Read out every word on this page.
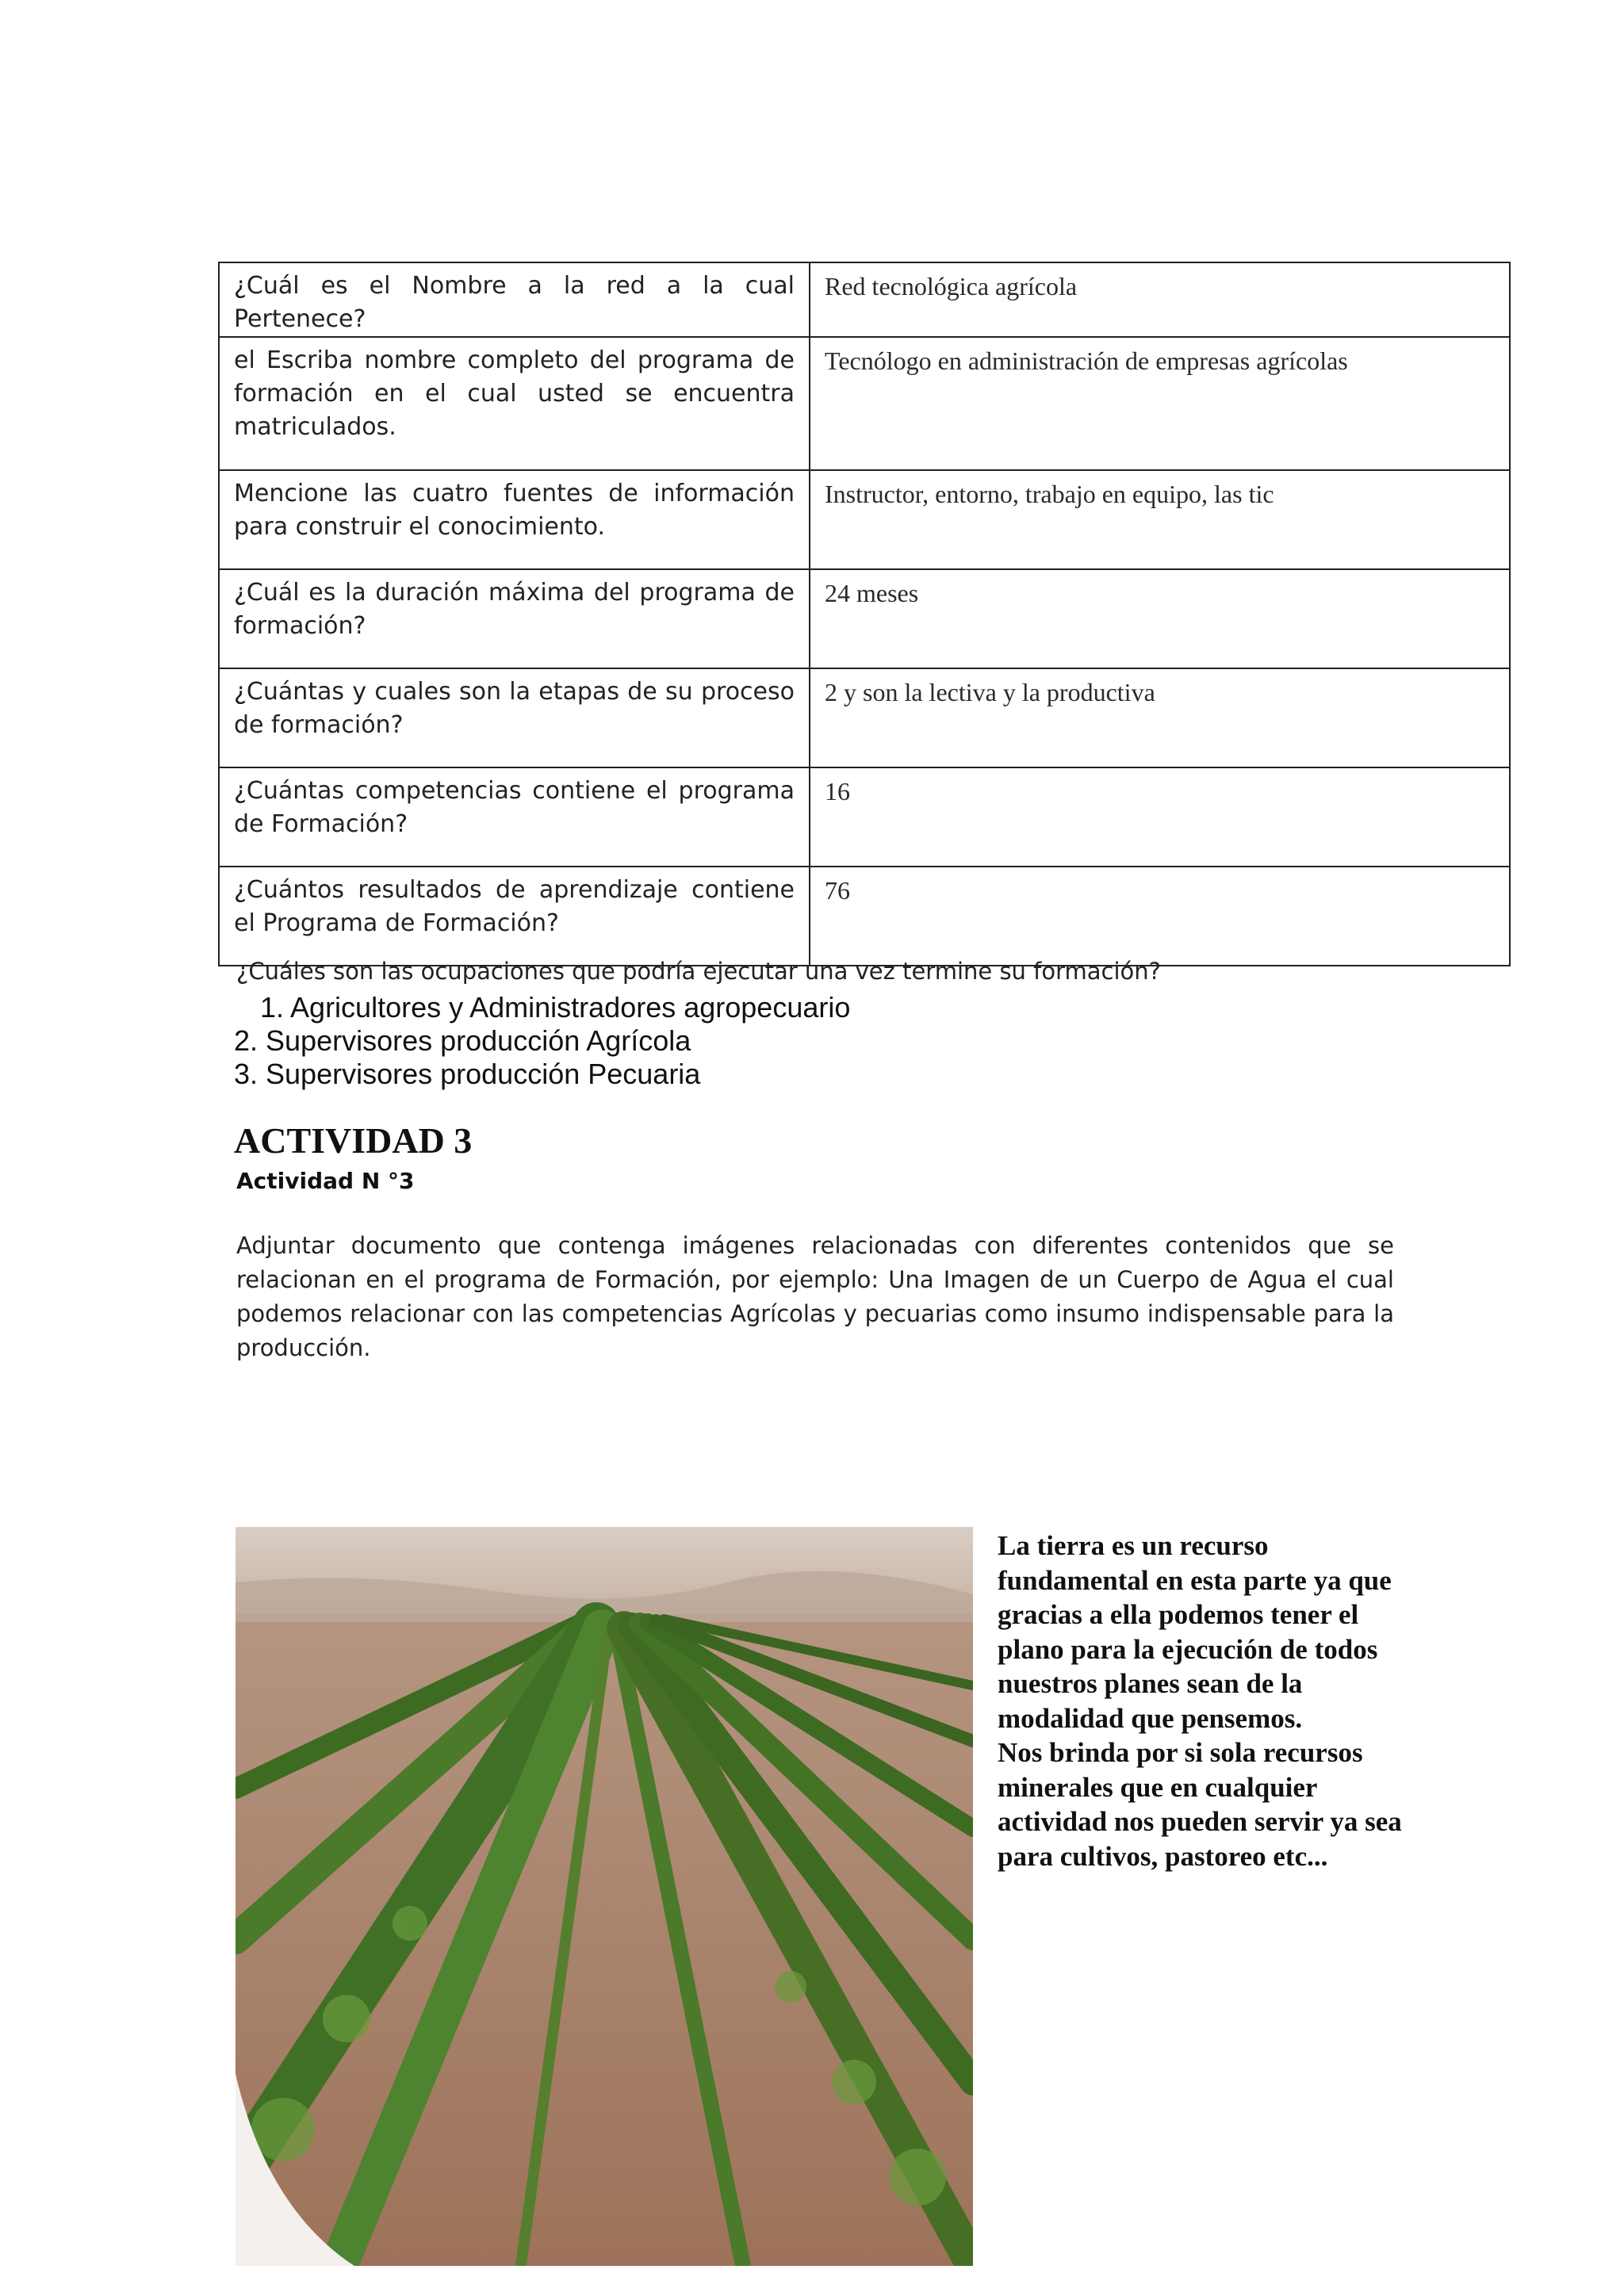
¿Cuál es el Nombre a la red a la cual Pertenece?	Red tecnológica agrícola
el Escriba nombre completo del programa de formación en el cual usted se encuentra matriculados.	Tecnólogo en administración de empresas agrícolas
Mencione las cuatro fuentes de información para construir el conocimiento.	Instructor, entorno, trabajo en equipo, las tic
¿Cuál es la duración máxima del programa de formación?	24 meses
¿Cuántas y cuales son la etapas de su proceso de formación?	2 y son la lectiva y la productiva
¿Cuántas competencias contiene el programa de Formación?	16
¿Cuántos resultados de aprendizaje contiene el Programa de Formación?	76
¿Cuáles son las ocupaciones que podría ejecutar una vez termine su formación?
1. Agricultores y Administradores agropecuario
2. Supervisores producción Agrícola
3. Supervisores producción Pecuaria
ACTIVIDAD 3
Actividad N °3
Adjuntar documento que contenga imágenes relacionadas con diferentes contenidos que se relacionan en el programa de Formación, por ejemplo: Una Imagen de un Cuerpo de Agua el cual podemos relacionar con las competencias Agrícolas y pecuarias como insumo indispensable para la producción.

La tierra es un recurso fundamental en esta parte ya que gracias a ella podemos tener el plano para la ejecución de todos nuestros planes sean de la modalidad que pensemos.

Nos brinda por si sola recursos minerales que en cualquier actividad nos pueden servir ya sea para cultivos, pastoreo etc...
